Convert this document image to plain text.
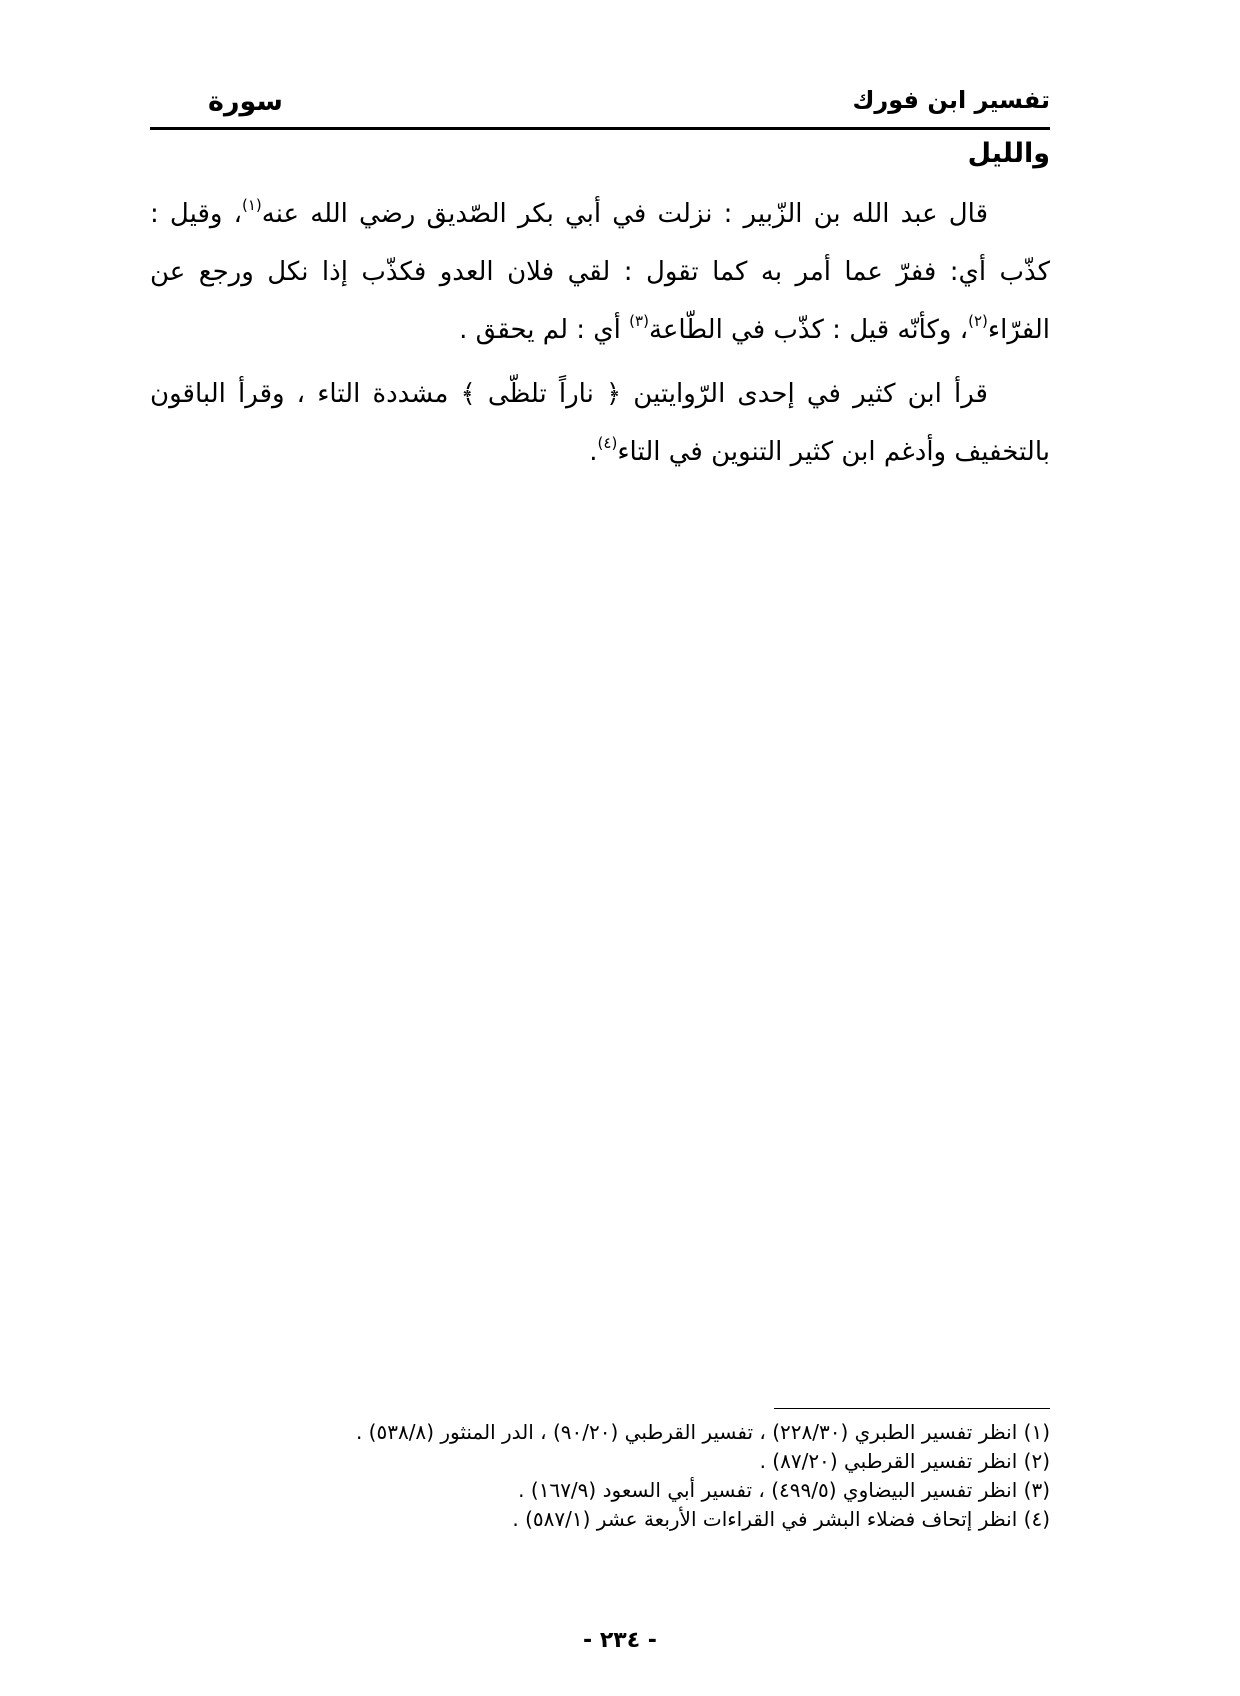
تفسير ابن فورك
سورة
والليل

قال عبد الله بن الزّبير : نزلت في أبي بكر الصّديق رضي الله عنه$^{(١)}$، وقيل : كذّب أي: ففرّ عما أمر به كما تقول : لقي فلان العدو فكذّب إذا نكل ورجع عن الفرّاء$^{(٢)}$، وكأنّه قيل : كذّب في الطّاعة$^{(٣)}$ أي : لم يحقق .

قرأ ابن كثير في إحدى الرّوايتين ﴿ ناراً تلظّى ﴾ مشددة التاء ، وقرأ الباقون بالتخفيف وأدغم ابن كثير التنوين في التاء$^{(٤)}$.

(١) انظر تفسير الطبري (٢٢٨/٣٠) ، تفسير القرطبي (٩٠/٢٠) ، الدر المنثور (٥٣٨/٨) .
(٢) انظر تفسير القرطبي (٨٧/٢٠) .
(٣) انظر تفسير البيضاوي (٤٩٩/٥) ، تفسير أبي السعود (١٦٧/٩) .
(٤) انظر إتحاف فضلاء البشر في القراءات الأربعة عشر (٥٨٧/١) .
- ٢٣٤ -
